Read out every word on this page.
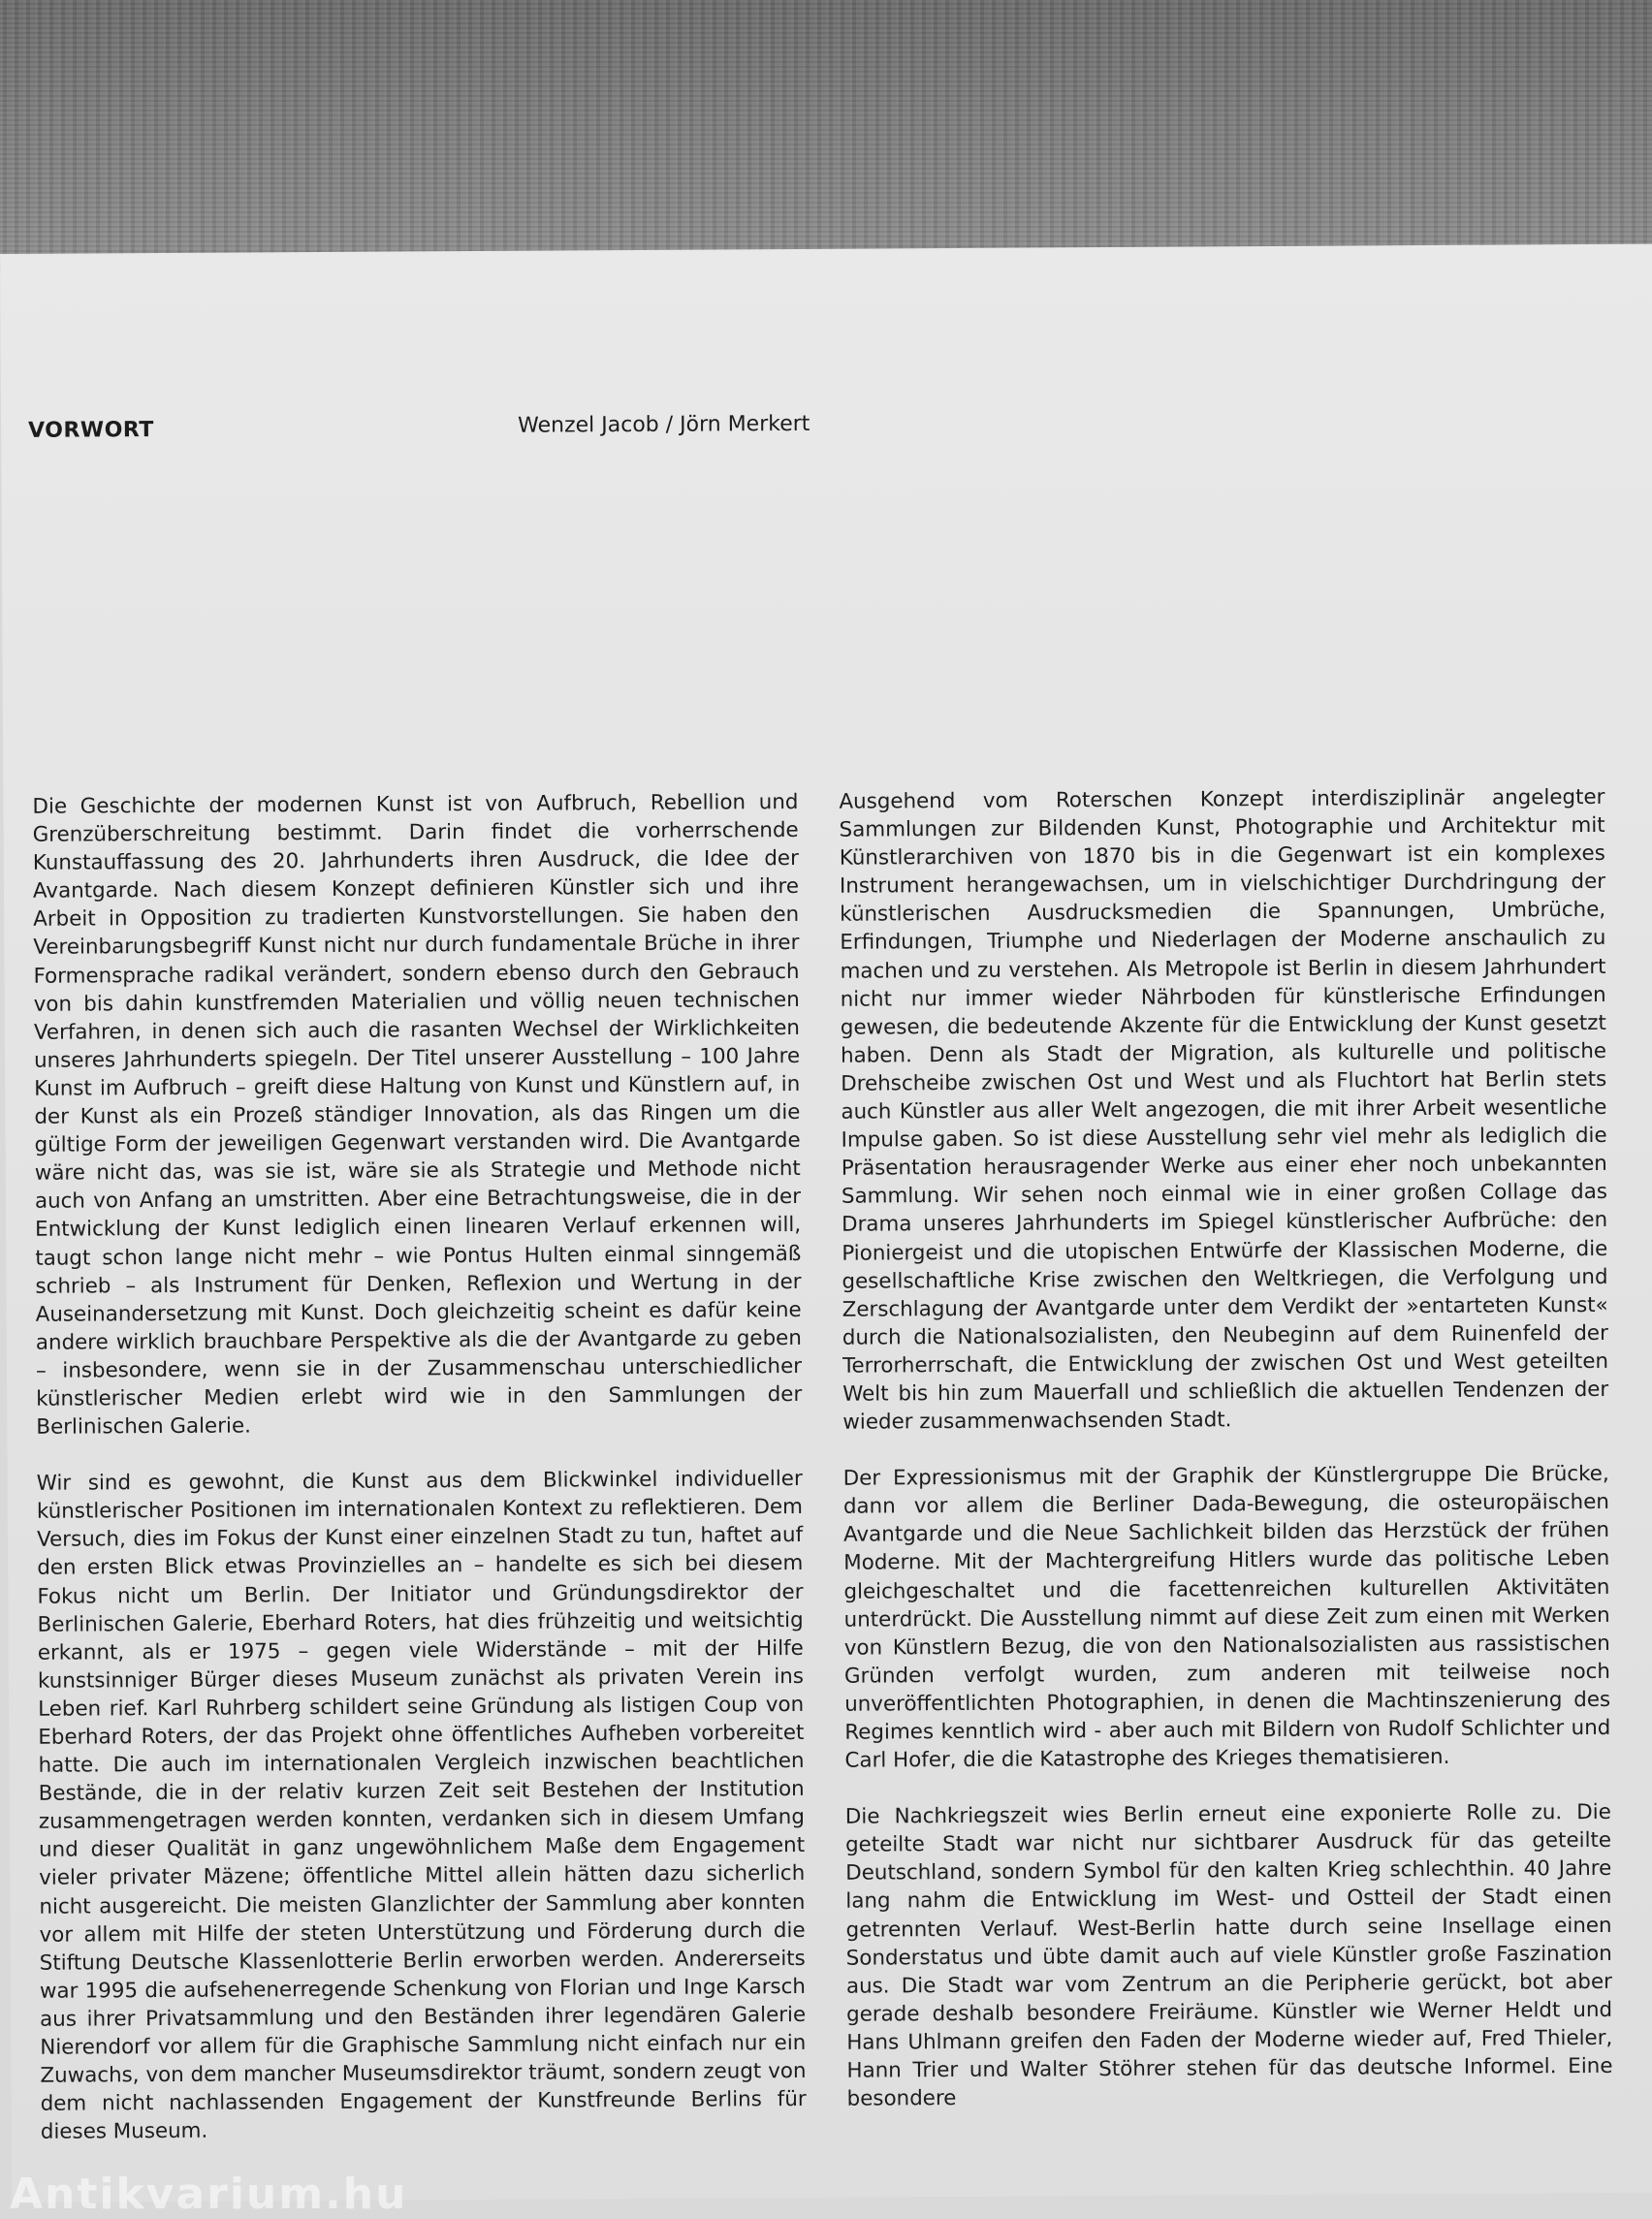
VORWORT	Wenzel Jacob / Jörn Merkert

Die Geschichte der modernen Kunst ist von Aufbruch, Rebellion und Grenzüberschreitung bestimmt. Darin findet die vorherrschende Kunstauffassung des 20. Jahrhunderts ihren Ausdruck, die Idee der Avantgarde. Nach diesem Konzept definieren Künstler sich und ihre Arbeit in Opposition zu tradierten Kunstvorstellungen. Sie haben den Vereinbarungsbegriff Kunst nicht nur durch fundamentale Brüche in ihrer Formensprache radikal verändert, sondern ebenso durch den Gebrauch von bis dahin kunstfremden Materialien und völlig neuen technischen Verfahren, in denen sich auch die rasanten Wechsel der Wirklichkeiten unseres Jahrhunderts spiegeln. Der Titel unserer Ausstellung – 100 Jahre Kunst im Aufbruch – greift diese Haltung von Kunst und Künstlern auf, in der Kunst als ein Prozeß ständiger Innovation, als das Ringen um die gültige Form der jeweiligen Gegenwart verstanden wird. Die Avantgarde wäre nicht das, was sie ist, wäre sie als Strategie und Methode nicht auch von Anfang an umstritten. Aber eine Betrachtungsweise, die in der Entwicklung der Kunst lediglich einen linearen Verlauf erkennen will, taugt schon lange nicht mehr – wie Pontus Hulten einmal sinngemäß schrieb – als Instrument für Denken, Reflexion und Wertung in der Auseinandersetzung mit Kunst. Doch gleichzeitig scheint es dafür keine andere wirklich brauchbare Perspektive als die der Avantgarde zu geben – insbesondere, wenn sie in der Zusammenschau unterschiedlicher künstlerischer Medien erlebt wird wie in den Sammlungen der Berlinischen Galerie.

Wir sind es gewohnt, die Kunst aus dem Blickwinkel individueller künstlerischer Positionen im internationalen Kontext zu reflektieren. Dem Versuch, dies im Fokus der Kunst einer einzelnen Stadt zu tun, haftet auf den ersten Blick etwas Provinzielles an – handelte es sich bei diesem Fokus nicht um Berlin. Der Initiator und Gründungsdirektor der Berlinischen Galerie, Eberhard Roters, hat dies frühzeitig und weitsichtig erkannt, als er 1975 – gegen viele Widerstände – mit der Hilfe kunstsinniger Bürger dieses Museum zunächst als privaten Verein ins Leben rief. Karl Ruhrberg schildert seine Gründung als listigen Coup von Eberhard Roters, der das Projekt ohne öffentliches Aufheben vorbereitet hatte. Die auch im internationalen Vergleich inzwischen beachtlichen Bestände, die in der relativ kurzen Zeit seit Bestehen der Institution zusammengetragen werden konnten, verdanken sich in diesem Umfang und dieser Qualität in ganz ungewöhnlichem Maße dem Engagement vieler privater Mäzene; öffentliche Mittel allein hätten dazu sicherlich nicht ausgereicht. Die meisten Glanzlichter der Sammlung aber konnten vor allem mit Hilfe der steten Unterstützung und Förderung durch die Stiftung Deutsche Klassenlotterie Berlin erworben werden. Andererseits war 1995 die aufsehenerregende Schenkung von Florian und Inge Karsch aus ihrer Privatsammlung und den Beständen ihrer legendären Galerie Nierendorf vor allem für die Graphische Sammlung nicht einfach nur ein Zuwachs, von dem mancher Museumsdirektor träumt, sondern zeugt von dem nicht nachlassenden Engagement der Kunstfreunde Berlins für dieses Museum.

Ausgehend vom Roterschen Konzept interdisziplinär angelegter Sammlungen zur Bildenden Kunst, Photographie und Architektur mit Künstlerarchiven von 1870 bis in die Gegenwart ist ein komplexes Instrument herangewachsen, um in vielschichtiger Durchdringung der künstlerischen Ausdrucksmedien die Spannungen, Umbrüche, Erfindungen, Triumphe und Niederlagen der Moderne anschaulich zu machen und zu verstehen. Als Metropole ist Berlin in diesem Jahrhundert nicht nur immer wieder Nährboden für künstlerische Erfindungen gewesen, die bedeutende Akzente für die Entwicklung der Kunst gesetzt haben. Denn als Stadt der Migration, als kulturelle und politische Drehscheibe zwischen Ost und West und als Fluchtort hat Berlin stets auch Künstler aus aller Welt angezogen, die mit ihrer Arbeit wesentliche Impulse gaben. So ist diese Ausstellung sehr viel mehr als lediglich die Präsentation herausragender Werke aus einer eher noch unbekannten Sammlung. Wir sehen noch einmal wie in einer großen Collage das Drama unseres Jahrhunderts im Spiegel künstlerischer Aufbrüche: den Pioniergeist und die utopischen Entwürfe der Klassischen Moderne, die gesellschaftliche Krise zwischen den Weltkriegen, die Verfolgung und Zerschlagung der Avantgarde unter dem Verdikt der »entarteten Kunst« durch die Nationalsozialisten, den Neubeginn auf dem Ruinenfeld der Terrorherrschaft, die Entwicklung der zwischen Ost und West geteilten Welt bis hin zum Mauerfall und schließlich die aktuellen Tendenzen der wieder zusammenwachsenden Stadt.

Der Expressionismus mit der Graphik der Künstlergruppe Die Brücke, dann vor allem die Berliner Dada-Bewegung, die osteuropäischen Avantgarde und die Neue Sachlichkeit bilden das Herzstück der frühen Moderne. Mit der Machtergreifung Hitlers wurde das politische Leben gleichgeschaltet und die facettenreichen kulturellen Aktivitäten unterdrückt. Die Ausstellung nimmt auf diese Zeit zum einen mit Werken von Künstlern Bezug, die von den Nationalsozialisten aus rassistischen Gründen verfolgt wurden, zum anderen mit teilweise noch unveröffentlichten Photographien, in denen die Machtinszenierung des Regimes kenntlich wird - aber auch mit Bildern von Rudolf Schlichter und Carl Hofer, die die Katastrophe des Krieges thematisieren.

Die Nachkriegszeit wies Berlin erneut eine exponierte Rolle zu. Die geteilte Stadt war nicht nur sichtbarer Ausdruck für das geteilte Deutschland, sondern Symbol für den kalten Krieg schlechthin. 40 Jahre lang nahm die Entwicklung im West- und Ostteil der Stadt einen getrennten Verlauf. West-Berlin hatte durch seine Insellage einen Sonderstatus und übte damit auch auf viele Künstler große Faszination aus. Die Stadt war vom Zentrum an die Peripherie gerückt, bot aber gerade deshalb besondere Freiräume. Künstler wie Werner Heldt und Hans Uhlmann greifen den Faden der Moderne wieder auf, Fred Thieler, Hann Trier und Walter Stöhrer stehen für das deutsche Informel. Eine besondere

Antikvarium.hu
